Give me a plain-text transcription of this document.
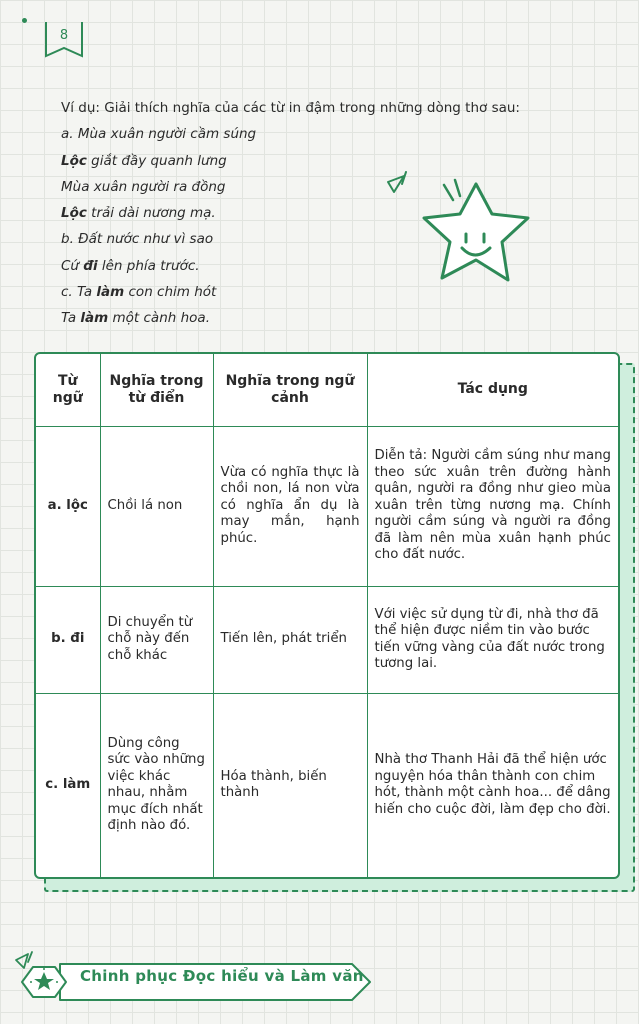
8
Ví dụ: Giải thích nghĩa của các từ in đậm trong những dòng thơ sau:
a. Mùa xuân người cầm súng
Lộc giắt đầy quanh lưng
Mùa xuân người ra đồng
Lộc trải dài nương mạ.
b. Đất nước như vì sao
Cứ đi lên phía trước.
c. Ta làm con chim hót
Ta làm một cành hoa.
Từ ngữ	Nghĩa trong từ điển	Nghĩa trong ngữ cảnh	Tác dụng
a. lộc	Chồi lá non	Vừa có nghĩa thực là chồi non, lá non vừa có nghĩa ẩn dụ là may mắn, hạnh phúc.	Diễn tả: Người cầm súng như mang theo sức xuân trên đường hành quân, người ra đồng như gieo mùa xuân trên từng nương mạ. Chính người cầm súng và người ra đồng đã làm nên mùa xuân hạnh phúc cho đất nước.
b. đi	Di chuyển từ chỗ này đến chỗ khác	Tiến lên, phát triển	Với việc sử dụng từ đi, nhà thơ đã thể hiện được niềm tin vào bước tiến vững vàng của đất nước trong tương lai.
c. làm	Dùng công sức vào những việc khác nhau, nhằm mục đích nhất định nào đó.	Hóa thành, biến thành	Nhà thơ Thanh Hải đã thể hiện ước nguyện hóa thân thành con chim hót, thành một cành hoa... để dâng hiến cho cuộc đời, làm đẹp cho đời.
Chinh phục Đọc hiểu và Làm văn
